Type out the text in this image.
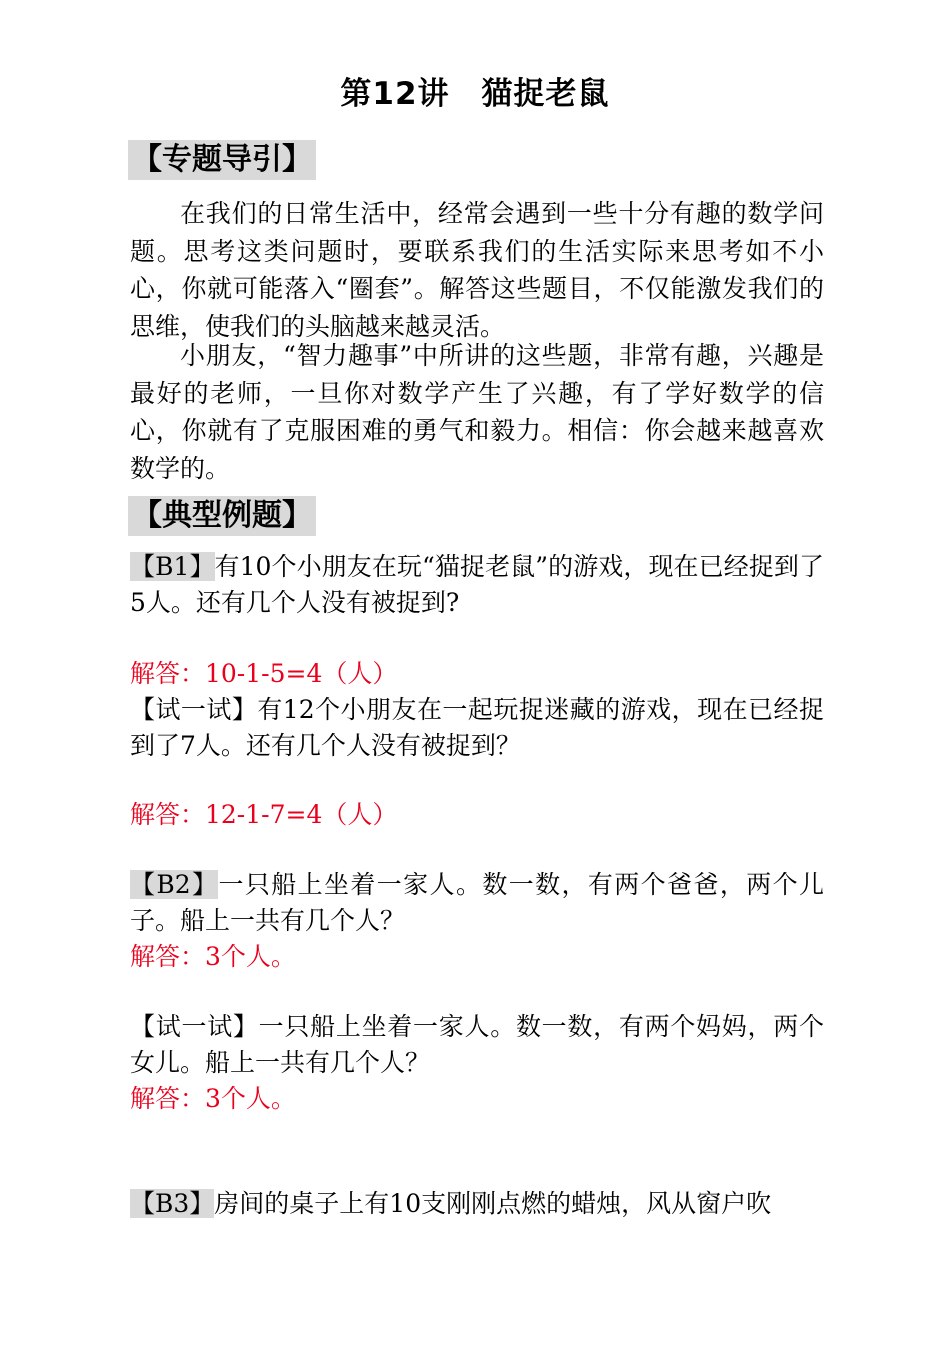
第12讲　猫捉老鼠
【专题导引】

在我们的日常生活中，经常会遇到一些十分有趣的数学问题。思考这类问题时，要联系我们的生活实际来思考如不小心，你就可能落入“圈套”。解答这些题目，不仅能激发我们的思维，使我们的头脑越来越灵活。

小朋友，“智力趣事”中所讲的这些题，非常有趣，兴趣是最好的老师，一旦你对数学产生了兴趣，有了学好数学的信心，你就有了克服困难的勇气和毅力。相信：你会越来越喜欢数学的。

【典型例题】

【B1】有10个小朋友在玩“猫捉老鼠”的游戏，现在已经捉到了5人。还有几个人没有被捉到?

解答：10-1-5=4（人）

【试一试】有12个小朋友在一起玩捉迷藏的游戏，现在已经捉到了7人。还有几个人没有被捉到？

解答：12-1-7=4（人）

【B2】一只船上坐着一家人。数一数，有两个爸爸，两个儿子。船上一共有几个人？

解答：3个人。

【试一试】一只船上坐着一家人。数一数，有两个妈妈，两个女儿。船上一共有几个人？

解答：3个人。

【B3】房间的桌子上有10支刚刚点燃的蜡烛，风从窗户吹
